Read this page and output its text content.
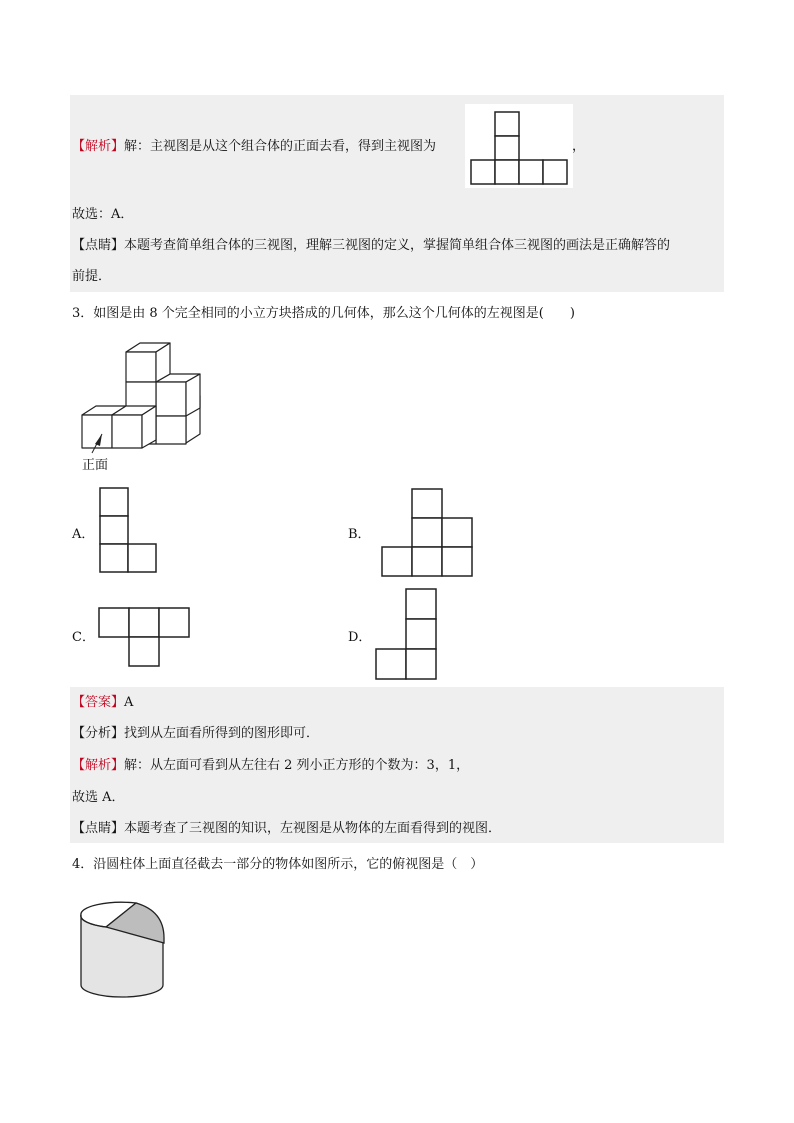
【解析】解：主视图是从这个组合体的正面去看，得到主视图为	，
故选：A．
【点睛】本题考查简单组合体的三视图，理解三视图的定义，掌握简单组合体三视图的画法是正确解答的
前提．
3．如图是由 8 个完全相同的小立方块搭成的几何体，那么这个几何体的左视图是(　　)
正面
A．	B．
C．	D．
【答案】A
【分析】找到从左面看所得到的图形即可．
【解析】解：从左面可看到从左往右 2 列小正方形的个数为：3，1，
故选 A．
【点睛】本题考查了三视图的知识，左视图是从物体的左面看得到的视图．
4．沿圆柱体上面直径截去一部分的物体如图所示，它的俯视图是（　）
